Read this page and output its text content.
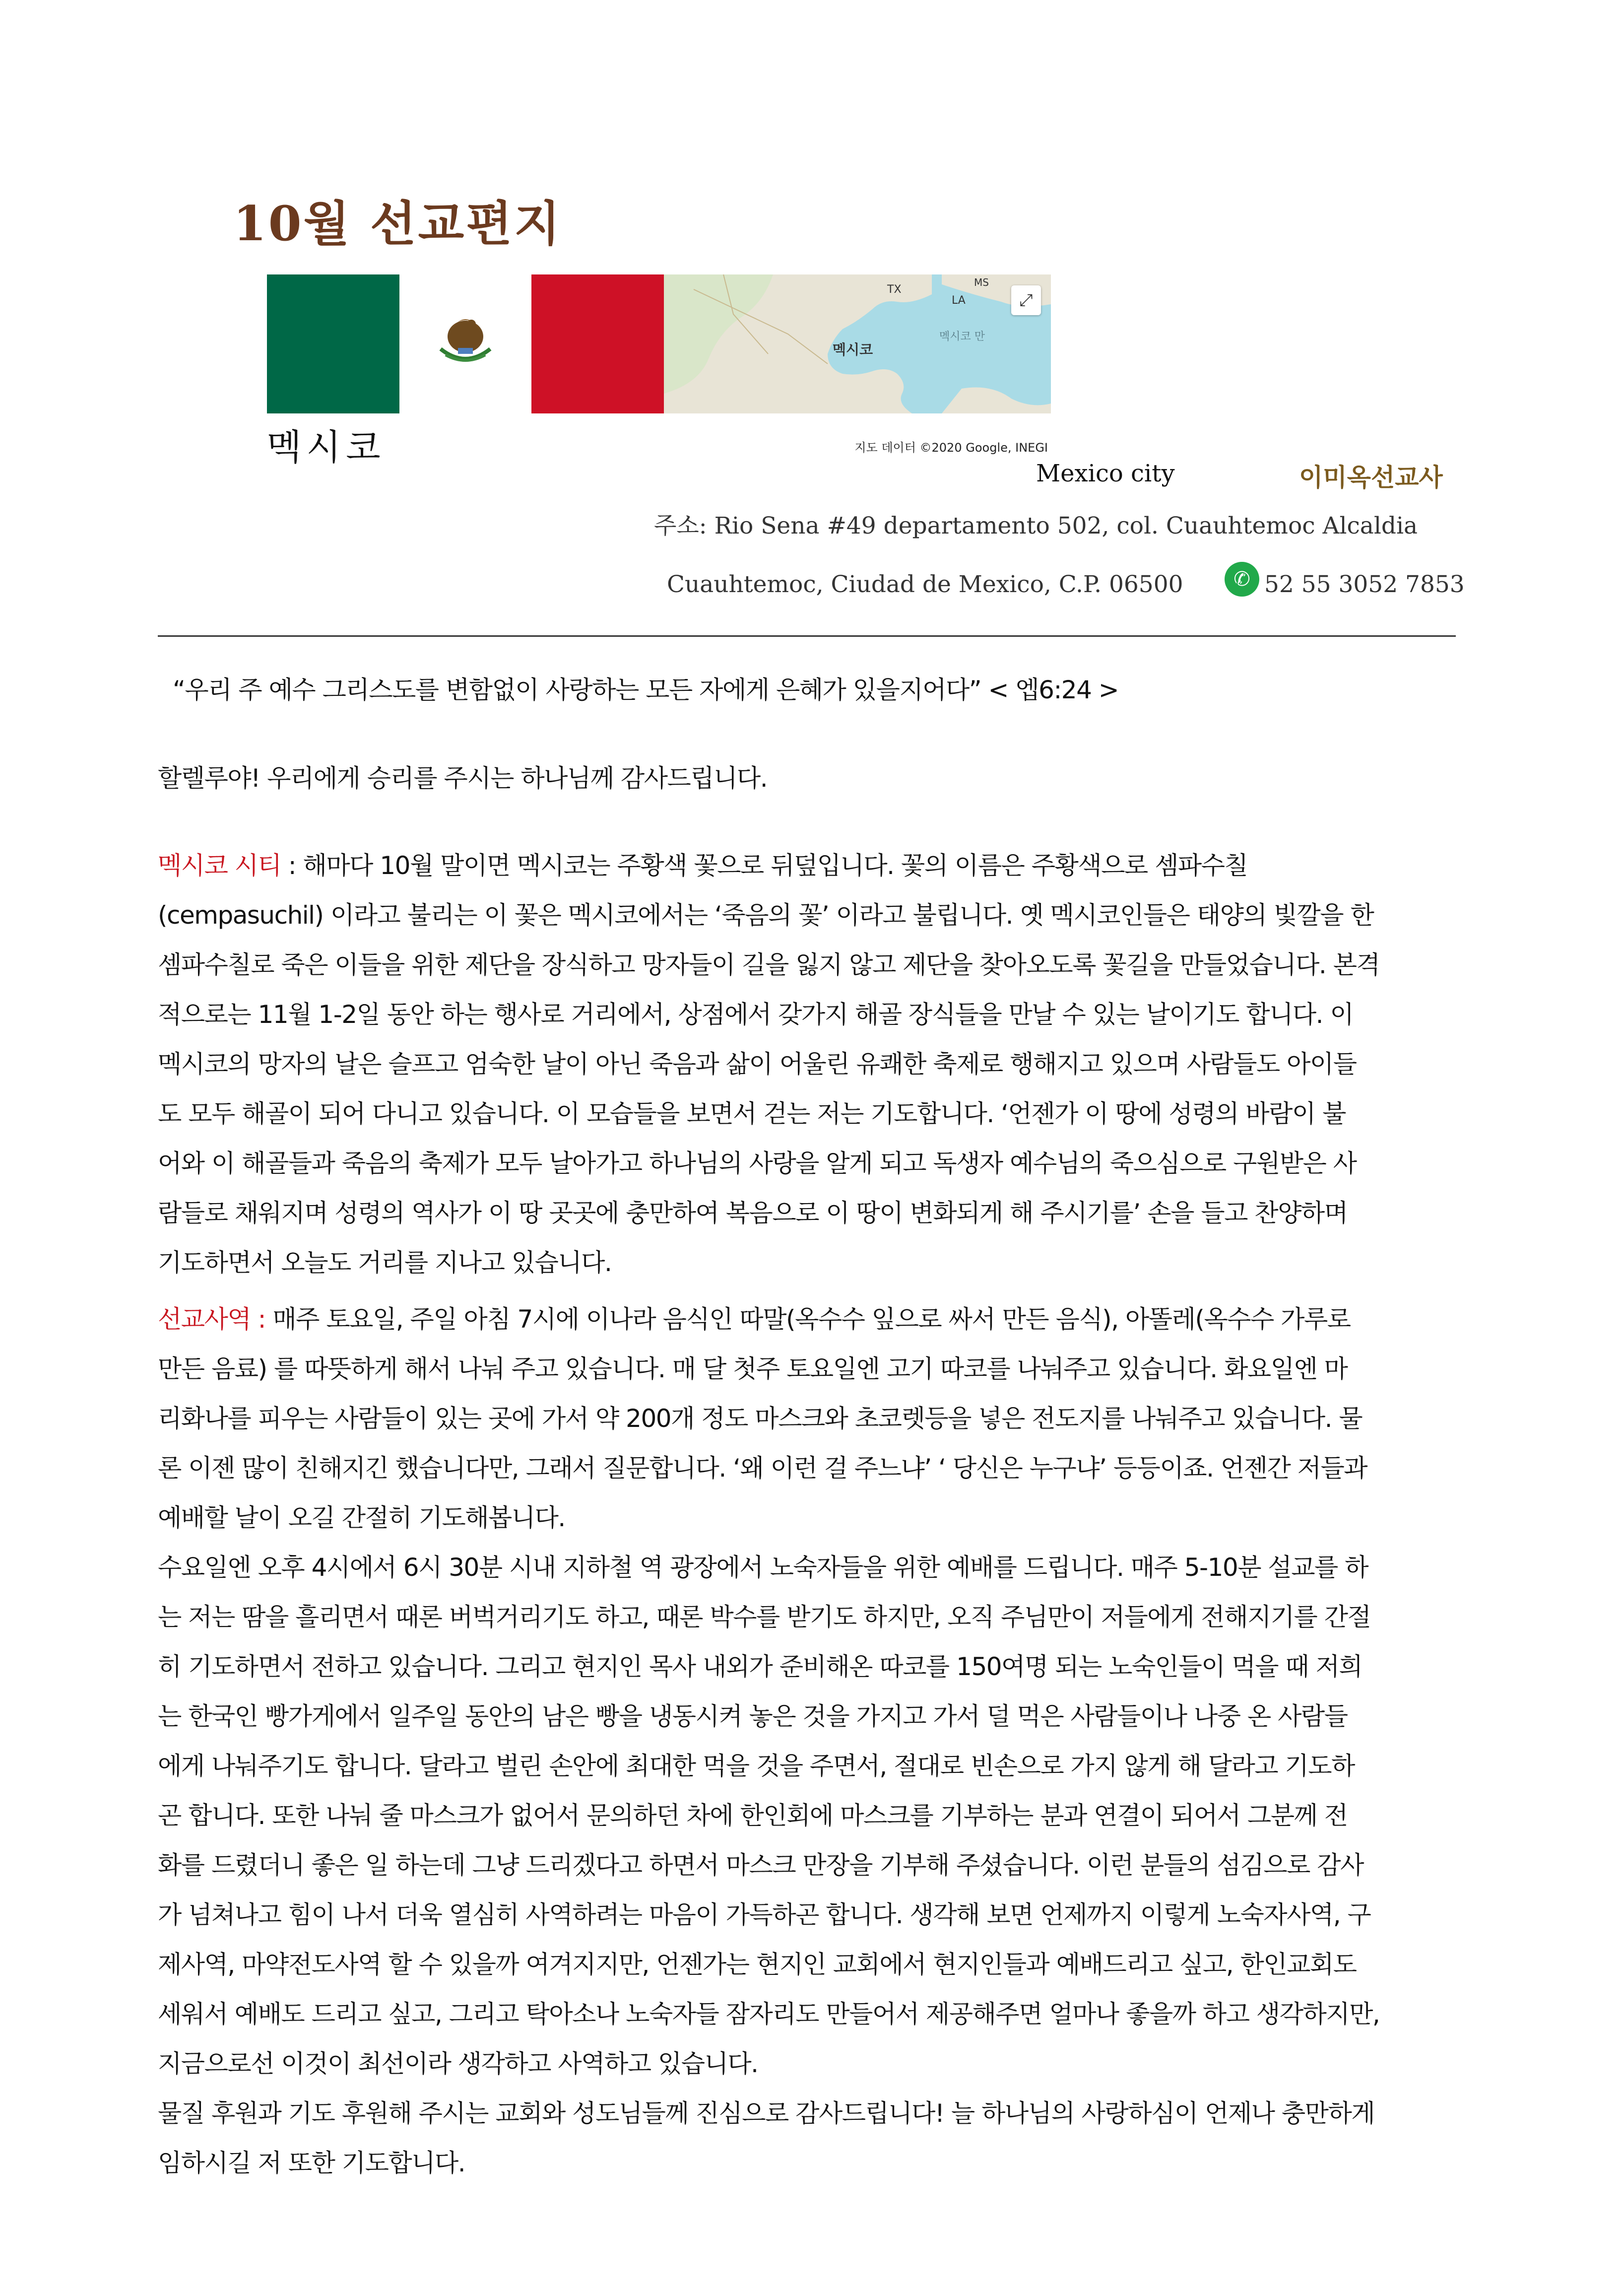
10월 선교편지
TX
LA
MS
멕시코
멕시코 만
⤢
지도 데이터 ©2020 Google, INEGI
멕시코
Mexico city	이미옥선교사
주소: Rio Sena #49 departamento 502, col. Cuauhtemoc Alcaldia
Cuauhtemoc, Ciudad de Mexico, C.P. 06500	✆ 52 55 3052 7853
“우리 주 예수 그리스도를 변함없이 사랑하는 모든 자에게 은혜가 있을지어다” < 엡6:24 >
할렐루야! 우리에게 승리를 주시는 하나님께 감사드립니다.
멕시코 시티 : 해마다 10월 말이면 멕시코는 주황색 꽃으로 뒤덮입니다. 꽃의 이름은 주황색으로 셈파수칠
(cempasuchil) 이라고 불리는 이 꽃은 멕시코에서는 ‘죽음의 꽃’ 이라고 불립니다. 옛 멕시코인들은 태양의 빛깔을 한
셈파수칠로 죽은 이들을 위한 제단을 장식하고 망자들이 길을 잃지 않고 제단을 찾아오도록 꽃길을 만들었습니다. 본격
적으로는 11월 1-2일 동안 하는 행사로 거리에서, 상점에서 갖가지 해골 장식들을 만날 수 있는 날이기도 합니다. 이
멕시코의 망자의 날은 슬프고 엄숙한 날이 아닌 죽음과 삶이 어울린 유쾌한 축제로 행해지고 있으며 사람들도 아이들
도 모두 해골이 되어 다니고 있습니다. 이 모습들을 보면서 걷는 저는 기도합니다. ‘언젠가 이 땅에 성령의 바람이 불
어와 이 해골들과 죽음의 축제가 모두 날아가고 하나님의 사랑을 알게 되고 독생자 예수님의 죽으심으로 구원받은 사
람들로 채워지며 성령의 역사가 이 땅 곳곳에 충만하여 복음으로 이 땅이 변화되게 해 주시기를’ 손을 들고 찬양하며
기도하면서 오늘도 거리를 지나고 있습니다.
선교사역 : 매주 토요일, 주일 아침 7시에 이나라 음식인 따말(옥수수 잎으로 싸서 만든 음식), 아똘레(옥수수 가루로
만든 음료) 를 따뜻하게 해서 나눠 주고 있습니다. 매 달 첫주 토요일엔 고기 따코를 나눠주고 있습니다. 화요일엔 마
리화나를 피우는 사람들이 있는 곳에 가서 약 200개 정도 마스크와 초코렛등을 넣은 전도지를 나눠주고 있습니다. 물
론 이젠 많이 친해지긴 했습니다만, 그래서 질문합니다. ‘왜 이런 걸 주느냐’ ‘ 당신은 누구냐’ 등등이죠. 언젠간 저들과
예배할 날이 오길 간절히 기도해봅니다.
수요일엔 오후 4시에서 6시 30분 시내 지하철 역 광장에서 노숙자들을 위한 예배를 드립니다. 매주 5-10분 설교를 하
는 저는 땀을 흘리면서 때론 버벅거리기도 하고, 때론 박수를 받기도 하지만, 오직 주님만이 저들에게 전해지기를 간절
히 기도하면서 전하고 있습니다. 그리고 현지인 목사 내외가 준비해온 따코를 150여명 되는 노숙인들이 먹을 때 저희
는 한국인 빵가게에서 일주일 동안의 남은 빵을 냉동시켜 놓은 것을 가지고 가서 덜 먹은 사람들이나 나중 온 사람들
에게 나눠주기도 합니다. 달라고 벌린 손안에 최대한 먹을 것을 주면서, 절대로 빈손으로 가지 않게 해 달라고 기도하
곤 합니다. 또한 나눠 줄 마스크가 없어서 문의하던 차에 한인회에 마스크를 기부하는 분과 연결이 되어서 그분께 전
화를 드렸더니 좋은 일 하는데 그냥 드리겠다고 하면서 마스크 만장을 기부해 주셨습니다. 이런 분들의 섬김으로 감사
가 넘쳐나고 힘이 나서 더욱 열심히 사역하려는 마음이 가득하곤 합니다. 생각해 보면 언제까지 이렇게 노숙자사역, 구
제사역, 마약전도사역 할 수 있을까 여겨지지만, 언젠가는 현지인 교회에서 현지인들과 예배드리고 싶고, 한인교회도
세워서 예배도 드리고 싶고, 그리고 탁아소나 노숙자들 잠자리도 만들어서 제공해주면 얼마나 좋을까 하고 생각하지만,
지금으로선 이것이 최선이라 생각하고 사역하고 있습니다.
물질 후원과 기도 후원해 주시는 교회와 성도님들께 진심으로 감사드립니다! 늘 하나님의 사랑하심이 언제나 충만하게
임하시길 저 또한 기도합니다.
